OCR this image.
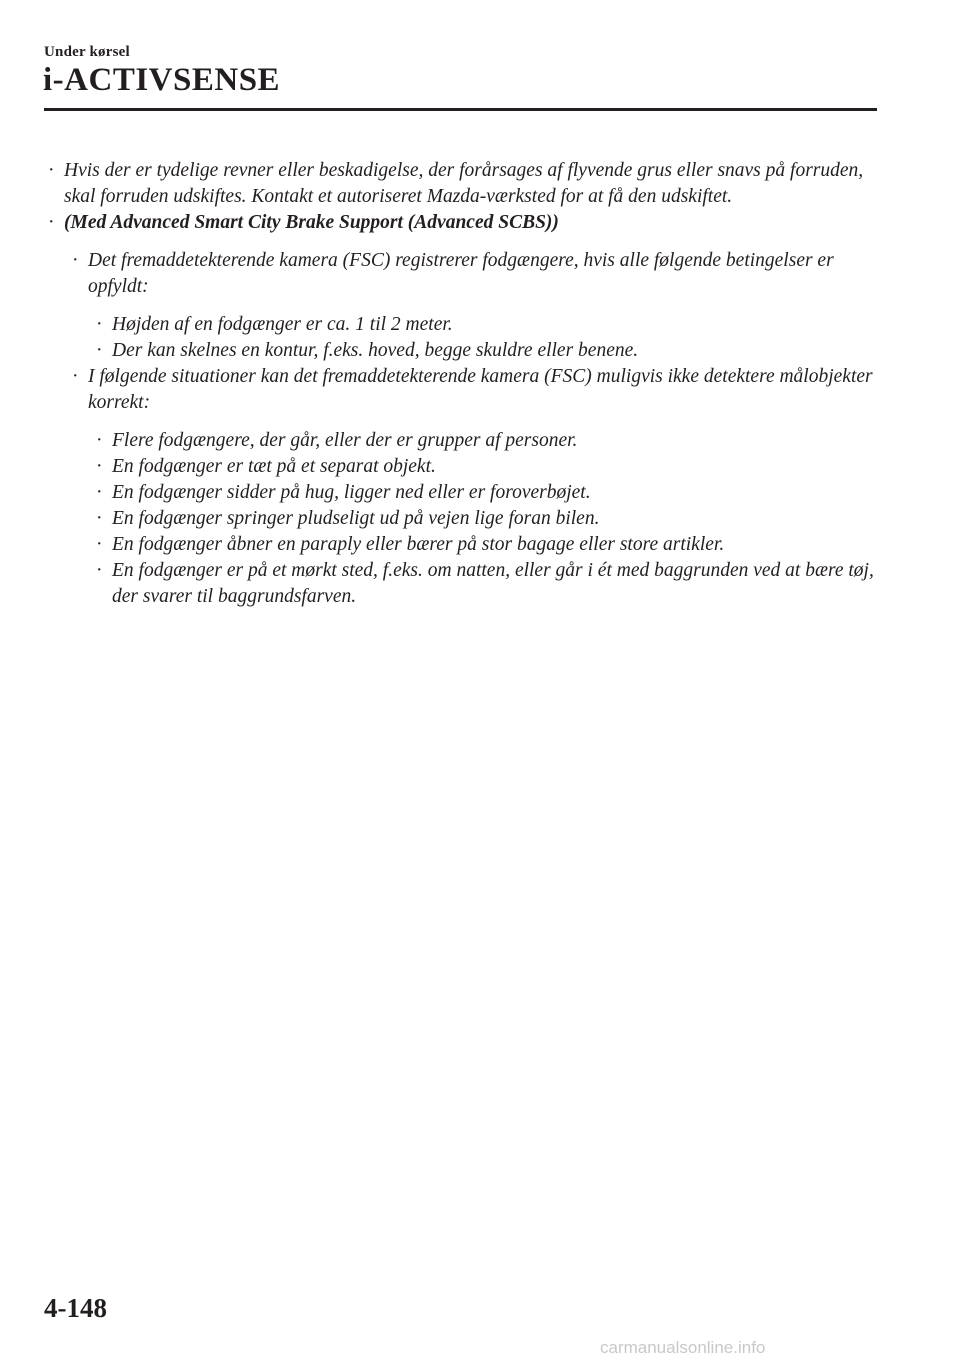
Under kørsel
i-ACTIVSENSE
· Hvis der er tydelige revner eller beskadigelse, der forårsages af flyvende grus eller snavs på forruden, skal forruden udskiftes. Kontakt et autoriseret Mazda-værksted for at få den udskiftet.
· (Med Advanced Smart City Brake Support (Advanced SCBS))
· Det fremaddetekterende kamera (FSC) registrerer fodgængere, hvis alle følgende betingelser er opfyldt:
· Højden af en fodgænger er ca. 1 til 2 meter.
· Der kan skelnes en kontur, f.eks. hoved, begge skuldre eller benene.
· I følgende situationer kan det fremaddetekterende kamera (FSC) muligvis ikke detektere målobjekter korrekt:
· Flere fodgængere, der går, eller der er grupper af personer.
· En fodgænger er tæt på et separat objekt.
· En fodgænger sidder på hug, ligger ned eller er foroverbøjet.
· En fodgænger springer pludseligt ud på vejen lige foran bilen.
· En fodgænger åbner en paraply eller bærer på stor bagage eller store artikler.
· En fodgænger er på et mørkt sted, f.eks. om natten, eller går i ét med baggrunden ved at bære tøj, der svarer til baggrundsfarven.
4-148
carmanualsonline.info
